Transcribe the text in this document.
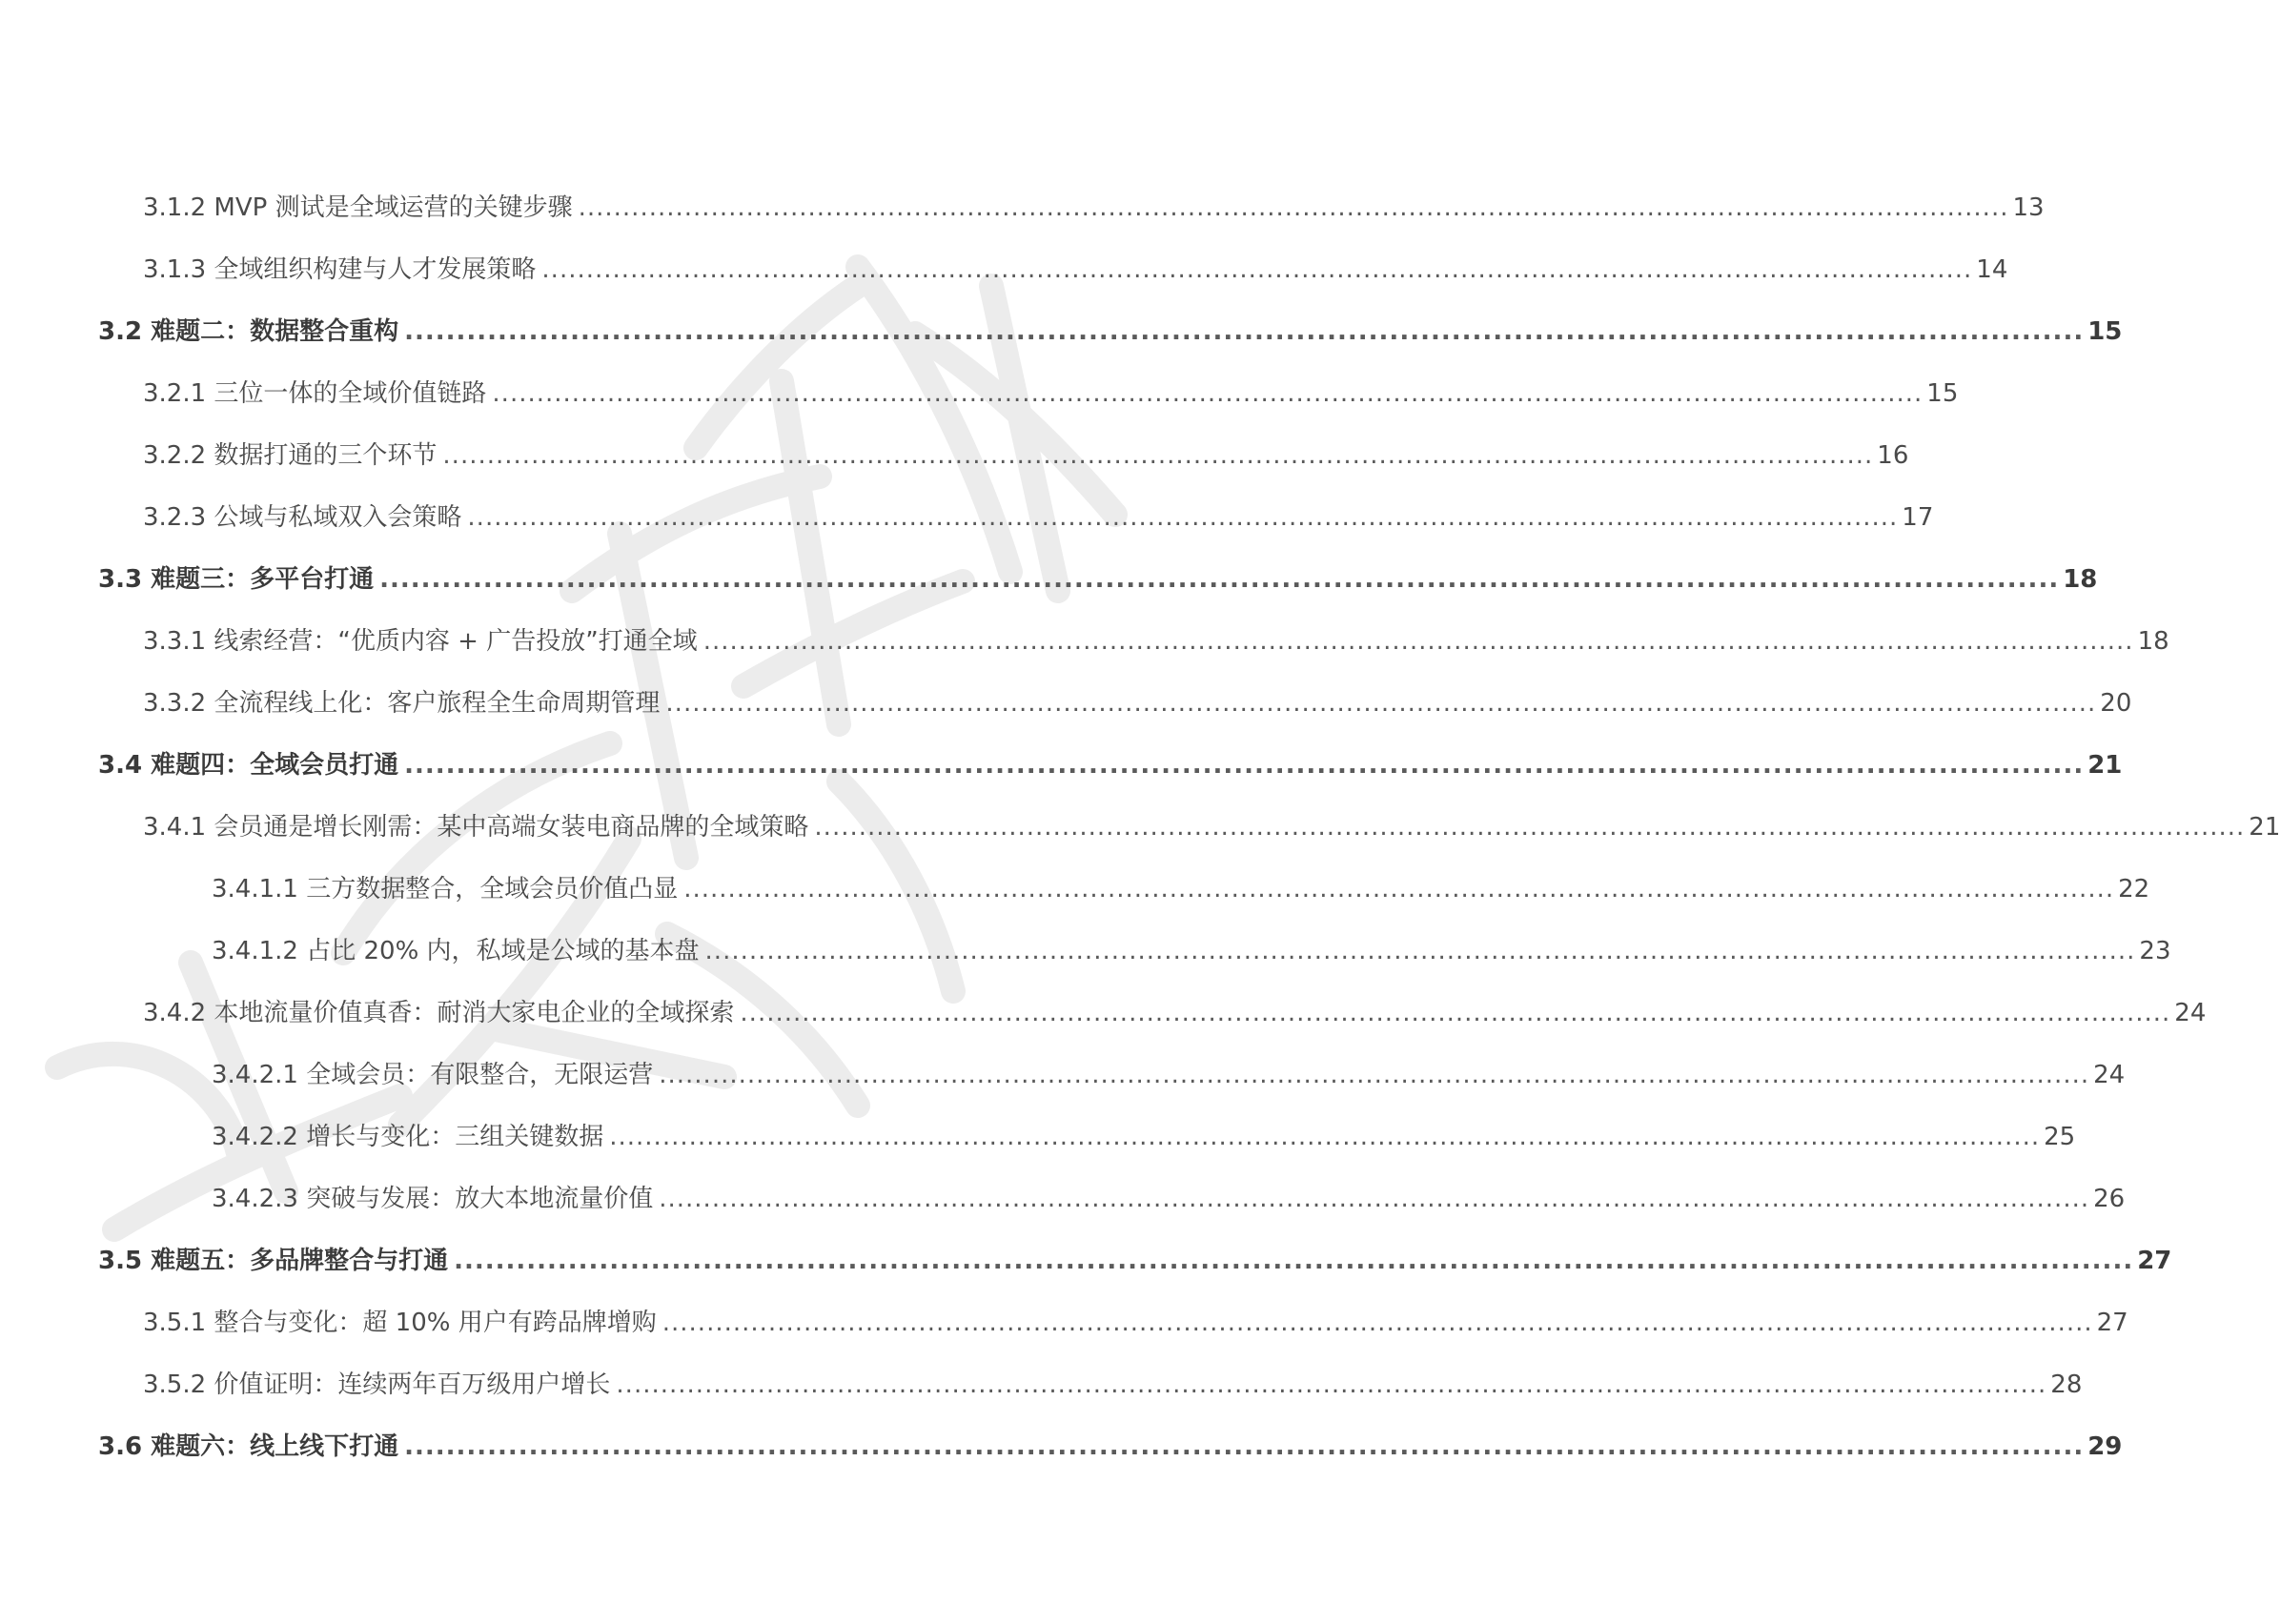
3.1.2 MVP 测试是全域运营的关键步骤 .................................................................................................................................................................. 13
3.1.3 全域组织构建与人才发展策略 .................................................................................................................................................................. 14
3.2 难题二：数据整合重构 .................................................................................................................................................................. 15
3.2.1 三位一体的全域价值链路 .................................................................................................................................................................. 15
3.2.2 数据打通的三个环节 .................................................................................................................................................................. 16
3.2.3 公域与私域双入会策略 .................................................................................................................................................................. 17
3.3 难题三：多平台打通 .................................................................................................................................................................. 18
3.3.1 线索经营：“优质内容 + 广告投放”打通全域 .................................................................................................................................................................. 18
3.3.2 全流程线上化：客户旅程全生命周期管理 .................................................................................................................................................................. 20
3.4 难题四：全域会员打通 .................................................................................................................................................................. 21
3.4.1 会员通是增长刚需：某中高端女装电商品牌的全域策略 .................................................................................................................................................................. 21
3.4.1.1 三方数据整合，全域会员价值凸显 .................................................................................................................................................................. 22
3.4.1.2 占比 20% 内，私域是公域的基本盘 .................................................................................................................................................................. 23
3.4.2 本地流量价值真香：耐消大家电企业的全域探索 .................................................................................................................................................................. 24
3.4.2.1 全域会员：有限整合，无限运营 .................................................................................................................................................................. 24
3.4.2.2 增长与变化：三组关键数据 .................................................................................................................................................................. 25
3.4.2.3 突破与发展：放大本地流量价值 .................................................................................................................................................................. 26
3.5 难题五：多品牌整合与打通 .................................................................................................................................................................. 27
3.5.1 整合与变化：超 10% 用户有跨品牌增购 .................................................................................................................................................................. 27
3.5.2 价值证明：连续两年百万级用户增长 .................................................................................................................................................................. 28
3.6 难题六：线上线下打通 .................................................................................................................................................................. 29
